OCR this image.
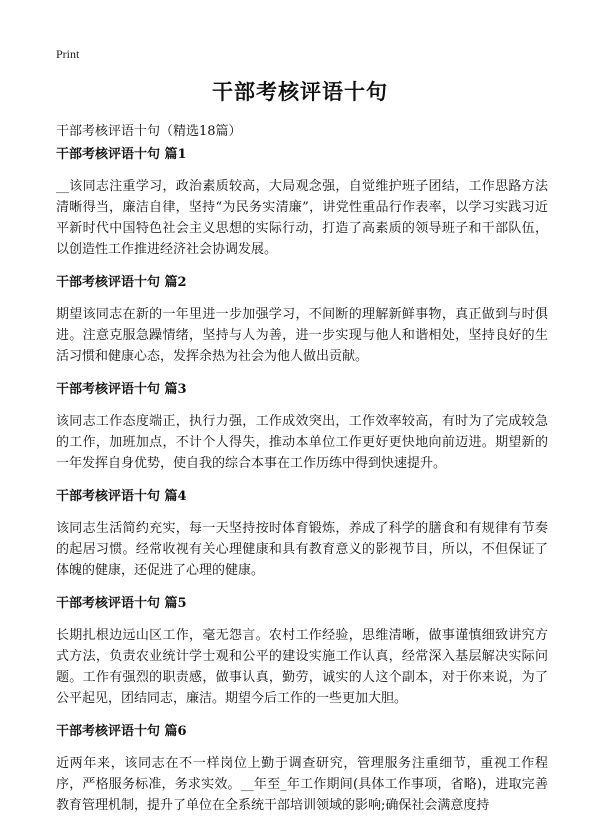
Print
干部考核评语十句
干部考核评语十句（精选18篇）
干部考核评语十句 篇1
__该同志注重学习，政治素质较高，大局观念强，自觉维护班子团结，工作思路方法清晰得当，廉洁自律，坚持“为民务实清廉”，讲党性重品行作表率，以学习实践习近平新时代中国特色社会主义思想的实际行动，打造了高素质的领导班子和干部队伍，以创造性工作推进经济社会协调发展。
干部考核评语十句 篇2
期望该同志在新的一年里进一步加强学习，不间断的理解新鲜事物，真正做到与时俱进。注意克服急躁情绪，坚持与人为善，进一步实现与他人和谐相处，坚持良好的生活习惯和健康心态，发挥余热为社会为他人做出贡献。
干部考核评语十句 篇3
该同志工作态度端正，执行力强，工作成效突出，工作效率较高，有时为了完成较急的工作，加班加点，不计个人得失，推动本单位工作更好更快地向前迈进。期望新的一年发挥自身优势，使自我的综合本事在工作历练中得到快速提升。
干部考核评语十句 篇4
该同志生活简约充实，每一天坚持按时体育锻炼，养成了科学的膳食和有规律有节奏的起居习惯。经常收视有关心理健康和具有教育意义的影视节目，所以，不但保证了体魄的健康，还促进了心理的健康。
干部考核评语十句 篇5
长期扎根边远山区工作，毫无怨言。农村工作经验，思维清晰，做事谨慎细致讲究方式方法，负责农业统计学士观和公平的建设实施工作认真，经常深入基层解决实际问题。工作有强烈的职责感，做事认真，勤劳，诚实的人这个副本，对于你来说，为了公平起见，团结同志，廉洁。期望今后工作的一些更加大胆。
干部考核评语十句 篇6
近两年来，该同志在不一样岗位上勤于调查研究，管理服务注重细节，重视工作程序，严格服务标准，务求实效。__年至_年工作期间(具体工作事项，省略)，进取完善教育管理机制，提升了单位在全系统干部培训领域的影响;确保社会满意度持
